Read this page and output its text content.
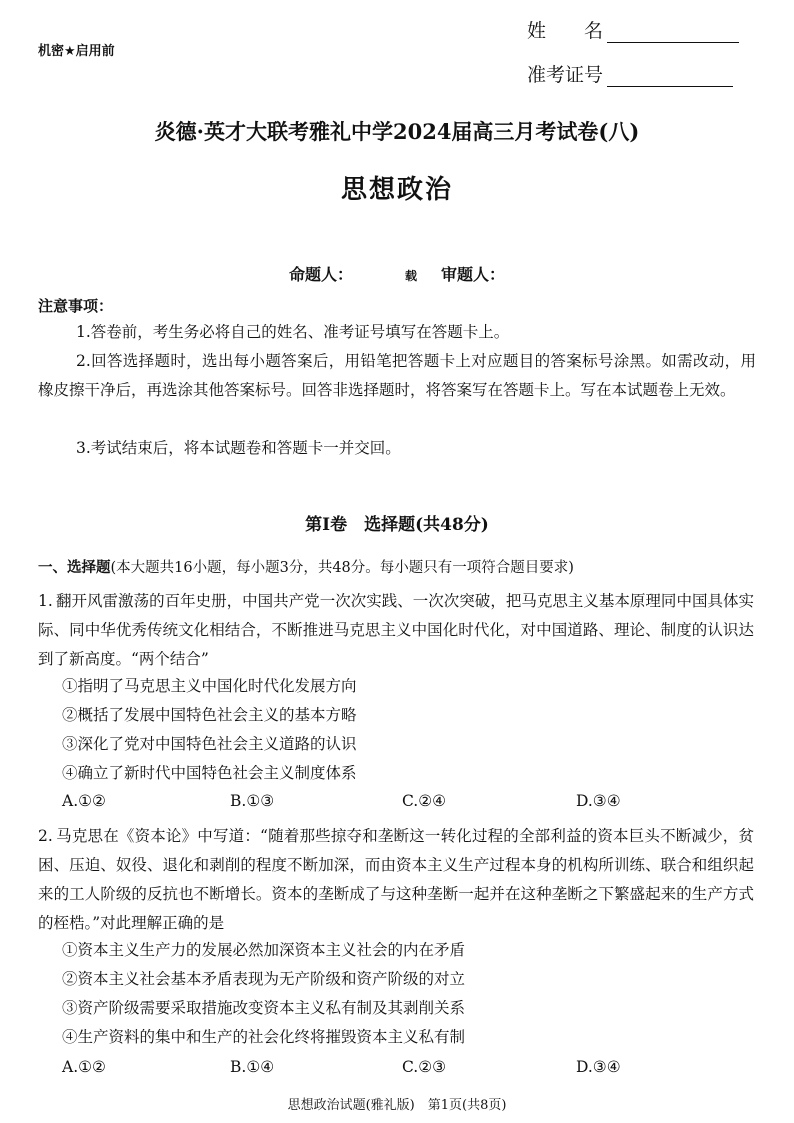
机密★启用前
姓　　名
准考证号
炎德·英才大联考雅礼中学2024届高三月考试卷(八)
思想政治
命题人：	载 审题人：
注意事项：
1.答卷前，考生务必将自己的姓名、准考证号填写在答题卡上。
2.回答选择题时，选出每小题答案后，用铅笔把答题卡上对应题目的答案标号涂黑。如需改动，用橡皮擦干净后，再选涂其他答案标号。回答非选择题时，将答案写在答题卡上。写在本试题卷上无效。
3.考试结束后，将本试题卷和答题卡一并交回。
第Ⅰ卷　选择题(共48分)
一、选择题(本大题共16小题，每小题3分，共48分。每小题只有一项符合题目要求)
1. 翻开风雷激荡的百年史册，中国共产党一次次实践、一次次突破，把马克思主义基本原理同中国具体实际、同中华优秀传统文化相结合，不断推进马克思主义中国化时代化，对中国道路、理论、制度的认识达到了新高度。“两个结合”
①指明了马克思主义中国化时代化发展方向
②概括了发展中国特色社会主义的基本方略
③深化了党对中国特色社会主义道路的认识
④确立了新时代中国特色社会主义制度体系
A.①②	B.①③	C.②④	D.③④
2. 马克思在《资本论》中写道：“随着那些掠夺和垄断这一转化过程的全部利益的资本巨头不断减少，贫困、压迫、奴役、退化和剥削的程度不断加深，而由资本主义生产过程本身的机构所训练、联合和组织起来的工人阶级的反抗也不断增长。资本的垄断成了与这种垄断一起并在这种垄断之下繁盛起来的生产方式的桎梏。”对此理解正确的是
①资本主义生产力的发展必然加深资本主义社会的内在矛盾
②资本主义社会基本矛盾表现为无产阶级和资产阶级的对立
③资产阶级需要采取措施改变资本主义私有制及其剥削关系
④生产资料的集中和生产的社会化终将摧毁资本主义私有制
A.①②	B.①④	C.②③	D.③④
思想政治试题(雅礼版)　第1页(共8页)
